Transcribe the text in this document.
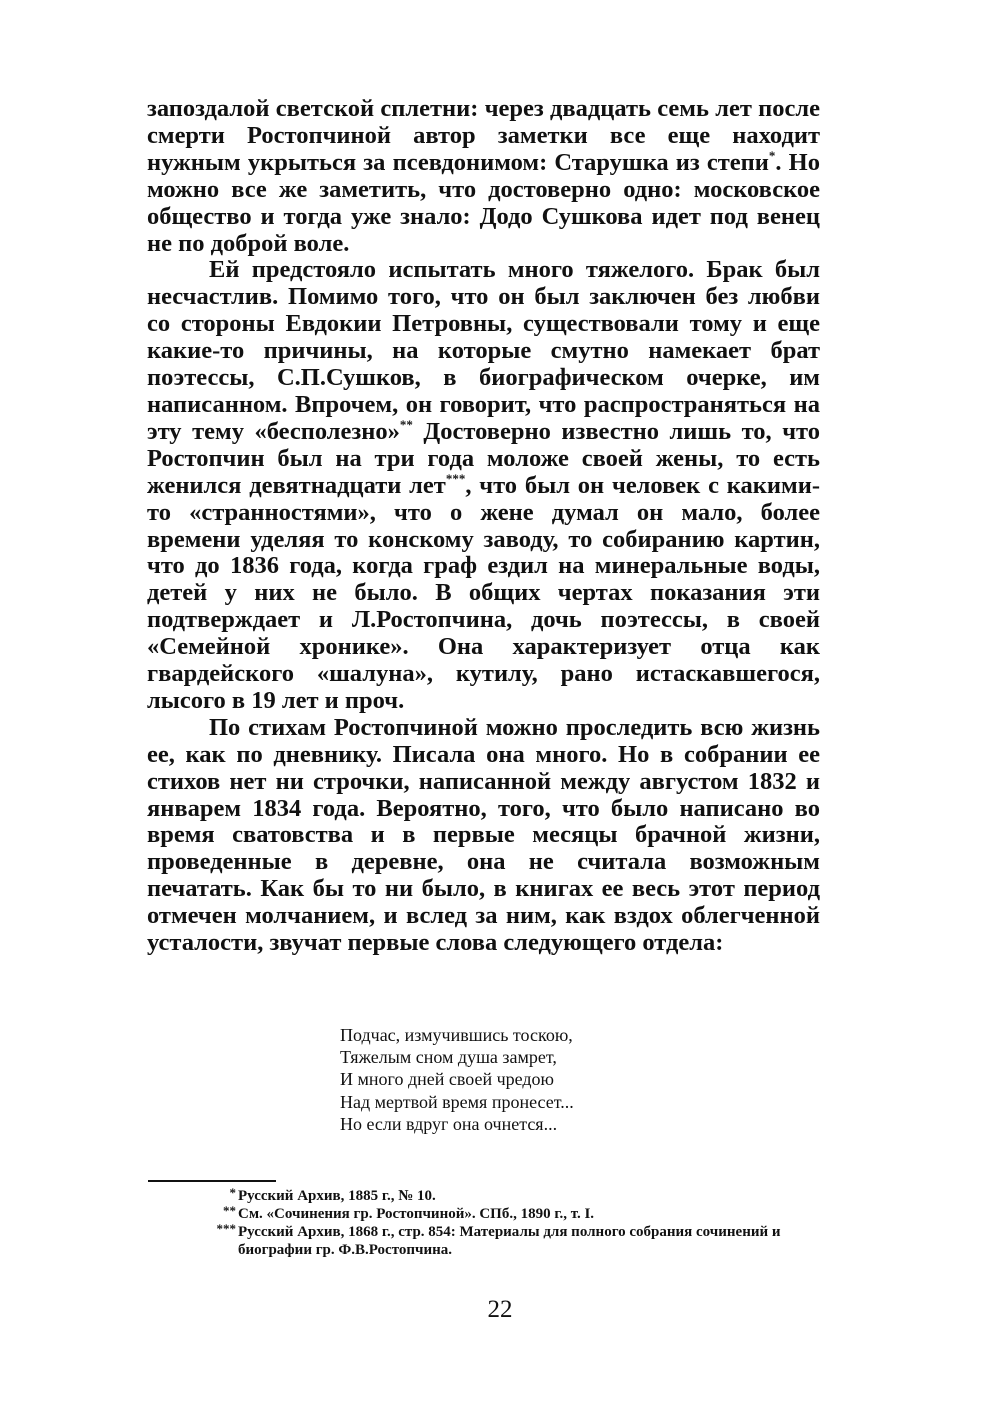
запоздалой светской сплетни: через двадцать семь лет после смерти Ростопчиной автор заметки все еще находит нужным укрыться за псевдонимом: Старушка из степи*. Но можно все же заметить, что достоверно одно: московское общество и тогда уже знало: Додо Сушкова идет под венец не по доброй воле.

Ей предстояло испытать много тяжелого. Брак был несчастлив. Помимо того, что он был заключен без любви со стороны Евдокии Петровны, существовали тому и еще какие-то причины, на которые смутно намекает брат поэтессы, С.П.Сушков, в биографическом очерке, им написанном. Впрочем, он говорит, что распространяться на эту тему «бесполезно»** Достоверно известно лишь то, что Ростопчин был на три года моложе своей жены, то есть женился девятнадцати лет***, что был он человек с какими-то «странностями», что о жене думал он мало, более времени уделяя то конскому заводу, то собиранию картин, что до 1836 года, когда граф ездил на минеральные воды, детей у них не было. В общих чертах показания эти подтверждает и Л.Ростопчина, дочь поэтессы, в своей «Семейной хронике». Она характеризует отца как гвардейского «шалуна», кутилу, рано истаскавшегося, лысого в 19 лет и проч.

По стихам Ростопчиной можно проследить всю жизнь ее, как по дневнику. Писала она много. Но в собрании ее стихов нет ни строчки, написанной между августом 1832 и январем 1834 года. Вероятно, того, что было написано во время сватовства и в первые месяцы брачной жизни, проведенные в деревне, она не считала возможным печатать. Как бы то ни было, в книгах ее весь этот период отмечен молчанием, и вслед за ним, как вздох облегченной усталости, звучат первые слова следующего отдела:

Подчас, измучившись тоскою,
Тяжелым сном душа замрет,
И много дней своей чредою
Над мертвой время пронесет...
Но если вдруг она очнется...
* Русский Архив, 1885 г., № 10.
** См. «Сочинения гр. Ростопчиной». СПб., 1890 г., т. I.
*** Русский Архив, 1868 г., стр. 854: Материалы для полного собрания сочинений и биографии гр. Ф.В.Ростопчина.
22
